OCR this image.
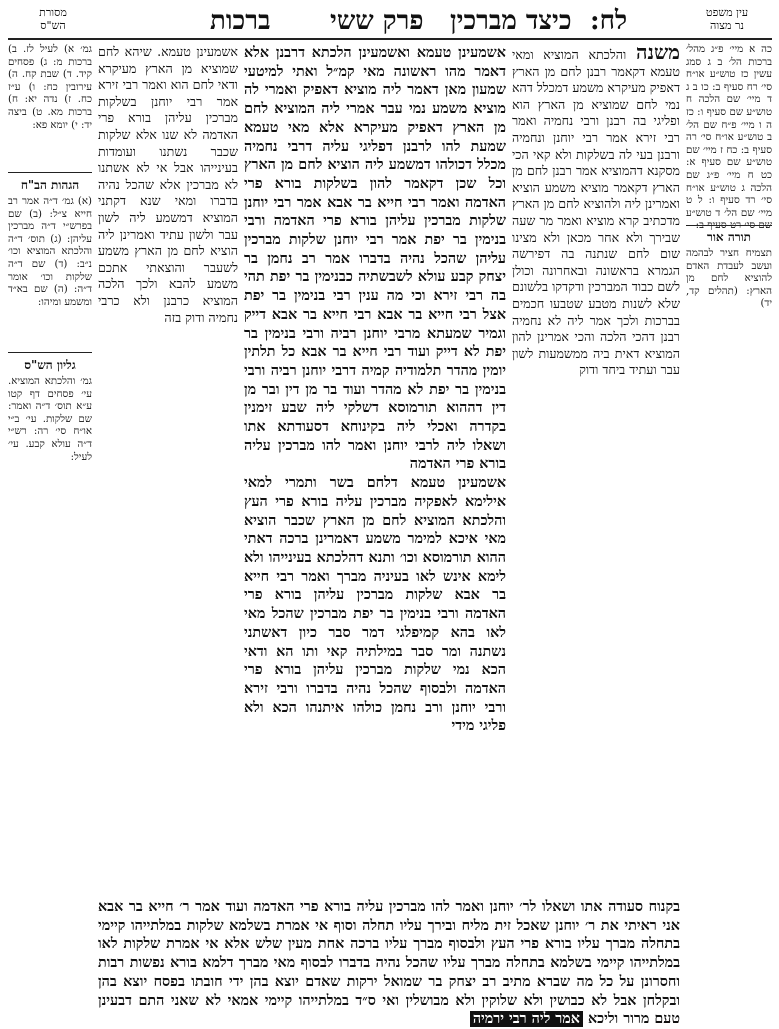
מסורת
הש"ס	ברכות פרק ששי כיצד מברכין לח:	עין משפט
נר מצוה
כה א מיי׳ פ״ג מהל׳ ברכות הל׳ ב ג סמג עשין כז טוש״ע או״ח סי׳ רח סעיף ב: כו ב ג ד מיי׳ שם הלכה ח טוש״ע שם סעיף ו: כז ה ו מיי׳ פ״ח שם הל׳ ב טוש״ע או״ח סי׳ רה סעיף ב: כח ז מיי׳ שם טוש״ע שם סעיף א: כט ח מיי׳ פ״ג שם הלכה ג טוש״ע או״ח סי׳ רד סעיף ו: ל ט מיי׳ שם הל׳ ד טוש״ע
תורה אור
תצמיח חציר לבהמה ועשב לעבדת האדם להוציא לחם מן הארץ: (תהלים קד, יד)
גמ׳ א) לעיל לז. ב) ברכות מ: ג) פסחים קיד. ד) שבת קח. ה) עירובין כח: ו) ע״ז כח. ז) נדה יא: ח) ברכות מא. ט) ביצה יד: י) יומא פא:
הגהות הב"ח
(א) גמ׳ ד״ה אמר רב חייא צ״ל: (ב) שם בפרש״י ד״ה מברכין עליהן: (ג) תוס׳ ד״ה והלכתא המוציא וכו׳ נ״ב: (ד) שם ד״ה שלקות וכו׳ אומר ד״ה: (ה) שם בא״ד ומשמע ומיהו:
גליון הש"ס
גמ׳ והלכתא המוציא. עי׳ פסחים דף קטו ע״א תוס׳ ד״ה ואמר: שם שלקות. עי׳ ב״י או״ח סי׳ רה: רש״י ד״ה עולא קבע. עי׳ לעיל:
משנה והלכתא המוציא ומאי טעמא דקאמר רבנן לחם מן הארץ דאפיק מעיקרא משמע דמכלל דהא נמי לחם שמוציא מן הארץ הוא ופליגי בה רבנן ורבי נחמיה ואמר רבי זירא אמר רבי יוחנן ונחמיה ורבנן בעי לה בשלקות ולא קאי הכי מסקנא דהמוציא אמר רבנן לחם מן הארץ דקאמר מוציא משמע הוציא ואמרינן ליה ולהוציא לחם מן הארץ מדכתיב קרא מוציא ואמר מר שעה שבירך ולא אחר מכאן ולא מצינו שום לחם שנתנה בה דפירשה הגמרא בראשונה ובאחרונה וכולן לשם כבוד המברכין ודקדקו בלשונם שלא לשנות מטבע שטבעו חכמים בברכות ולכך אמר ליה לא נחמיה רבנן דהכי הלכה והכי אמרינן להון המוציא דאית ביה ממשמעות לשון עבר ועתיד ביחד ודוק
אשמעינן טעמא. שיהא לחם שמוציא מן הארץ מעיקרא ודאי לחם הוא ואמר רבי זירא אמר רבי יוחנן בשלקות מברכין עליהן בורא פרי האדמה לא שנו אלא שלקות שכבר נשתנו ועומדות בעינייהו אבל אי לא אשתנו לא מברכין אלא שהכל נהיה בדברו ומאי שנא דקתני המוציא דמשמע ליה לשון עבר ולשון עתיד ואמרינן ליה הוציא לחם מן הארץ משמע לשעבר והוצאתי אתכם משמע להבא ולכך הלכה המוציא כרבנן ולא כרבי נחמיה ודוק בזה

אשמעינן טעמא ואשמעינן הלכתא דרבנן אלא דאמר מהו ראשונה מאי קמ״ל ואתי למיטעי שמעון מאן דאמר ליה מוציא דאפיק ואמרי לה מוציא משמע נמי עבר אמרי ליה המוציא לחם מן הארץ דאפיק מעיקרא אלא מאי טעמא שמעת להו לרבנן דפליגי עליה דרבי נחמיה מכלל דכולהו דמשמע ליה הוציא לחם מן הארץ וכל שכן דקאמר להון בשלקות בורא פרי האדמה ואמר רבי חייא בר אבא אמר רבי יוחנן שלקות מברכין עליהן בורא פרי האדמה ורבי בנימין בר יפת אמר רבי יוחנן שלקות מברכין עליהן שהכל נהיה בדברו אמר רב נחמן בר יצחק קבע עולא לשבשתיה כבנימין בר יפת תהי בה רבי זירא וכי מה ענין רבי בנימין בר יפת אצל רבי חייא בר אבא רבי חייא בר אבא דייק וגמיר שמעתא מרבי יוחנן רביה ורבי בנימין בר יפת לא דייק ועוד רבי חייא בר אבא כל תלתין יומין מהדר תלמודיה קמיה דרבי יוחנן רביה ורבי בנימין בר יפת לא מהדר ועוד בר מן דין ובר מן דין דההוא תורמוסא דשלקי ליה שבע זימנין בקדרה ואכלי ליה בקינוחא דסעודתא אתו ושאלו ליה לרבי יוחנן ואמר להו מברכין עליה בורא פרי האדמה

אשמעינן טעמא דלחם בשר ותמרי למאי אילימא לאפקיה מברכין עליה בורא פרי העץ והלכתא המוציא לחם מן הארץ שכבר הוציא מאי איכא למימר משמע דאמרינן ברכה דאתי ההוא תורמוסא וכו׳ ותנא דהלכתא בעינייהו ולא לימא אינש לאו בעיניה מברך ואמר רבי חייא בר אבא שלקות מברכין עליהן בורא פרי האדמה ורבי בנימין בר יפת מברכין שהכל מאי לאו בהא קמיפלגי דמר סבר כיון דאשתני נשתנה ומר סבר במילתיה קאי ותו הא ודאי הכא נמי שלקות מברכין עליהן בורא פרי האדמה ולבסוף שהכל נהיה בדברו ורבי זירא ורבי יוחנן ורב נחמן כולהו איתנהו הכא ולא פליגי מידי

בקנוח סעודה אתו ושאלו לר׳ יוחנן ואמר להו מברכין עליה בורא פרי האדמה ועוד אמר ר׳ חייא בר אבא אני ראיתי את ר׳ יוחנן שאכל זית מליח ובירך עליו תחלה וסוף אי אמרת בשלמא שלקות במלתייהו קיימי בתחלה מברך עליו בורא פרי העץ ולבסוף מברך עליו ברכה אחת מעין שלש אלא אי אמרת שלקות לאו במלתייהו קיימי בשלמא בתחלה מברך עליו שהכל נהיה בדברו לבסוף מאי מברך דלמא בורא נפשות רבות וחסרונן על כל מה שברא מתיב רב יצחק בר שמואל ירקות שאדם יוצא בהן ידי חובתו בפסח יוצא בהן ובקלחן אבל לא כבושין ולא שלוקין ולא מבושלין ואי ס״ד במלתייהו קיימי אמאי לא שאני התם דבעינן טעם מרור וליכא אמר ליה רבי ירמיה
